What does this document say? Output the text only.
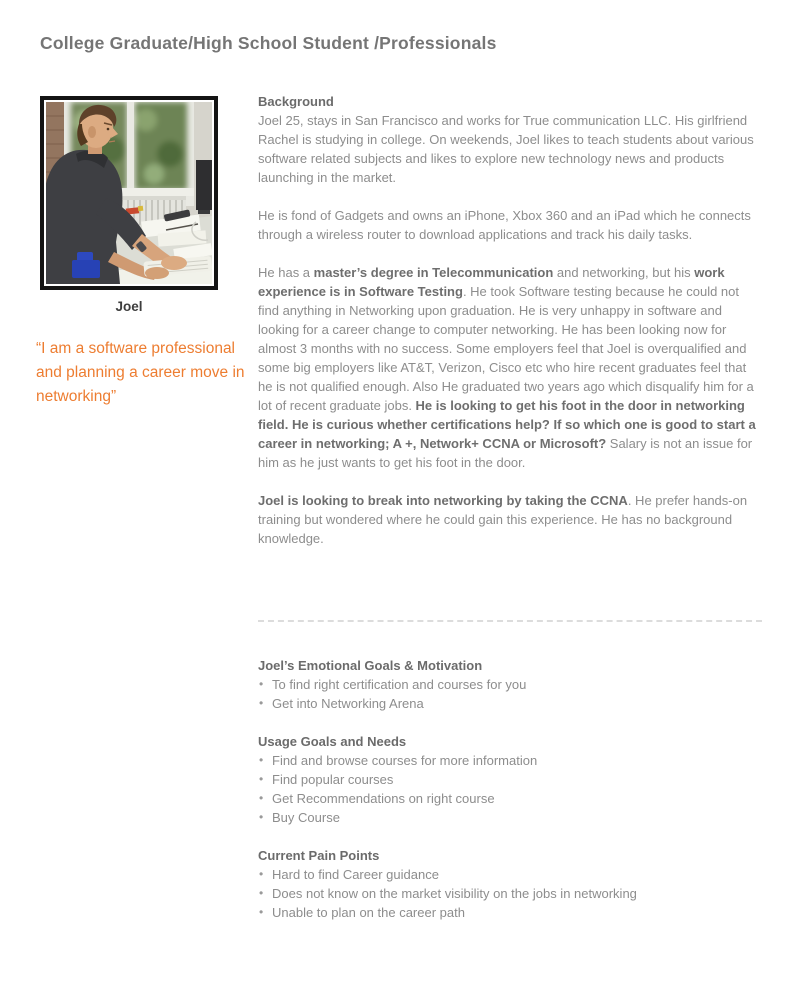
College Graduate/High School Student /Professionals
Joel
“I am a software professional and planning a career move in networking”
Background

Joel 25, stays in San Francisco and works for True communication LLC. His girlfriend Rachel is studying in college. On weekends, Joel likes to teach students about various software related subjects and likes to explore new technology news and products launching in the market.

He is fond of Gadgets and owns an iPhone, Xbox 360 and an iPad which he connects through a wireless router to download applications and track his daily tasks.

He has a master’s degree in Telecommunication and networking, but his work experience is in Software Testing. He took Software testing because he could not find anything in Networking upon graduation. He is very unhappy in software and looking for a career change to computer networking. He has been looking now for almost 3 months with no success. Some employers feel that Joel is overqualified and some big employers like AT&T, Verizon, Cisco etc who hire recent graduates feel that he is not qualified enough. Also He graduated two years ago which disqualify him for a lot of recent graduate jobs. He is looking to get his foot in the door in networking field. He is curious whether certifications help? If so which one is good to start a career in networking; A +, Network+ CCNA or Microsoft? Salary is not an issue for him as he just wants to get his foot in the door.

Joel is looking to break into networking by taking the CCNA. He prefer hands-on training but wondered where he could gain this experience. He has no background knowledge.

Joel’s Emotional Goals & Motivation
• To find right certification and courses for you
• Get into Networking Arena
Usage Goals and Needs
• Find and browse courses for more information
• Find popular courses
• Get Recommendations on right course
• Buy Course
Current Pain Points
• Hard to find Career guidance
• Does not know on the market visibility on the jobs in networking
• Unable to plan on the career path
